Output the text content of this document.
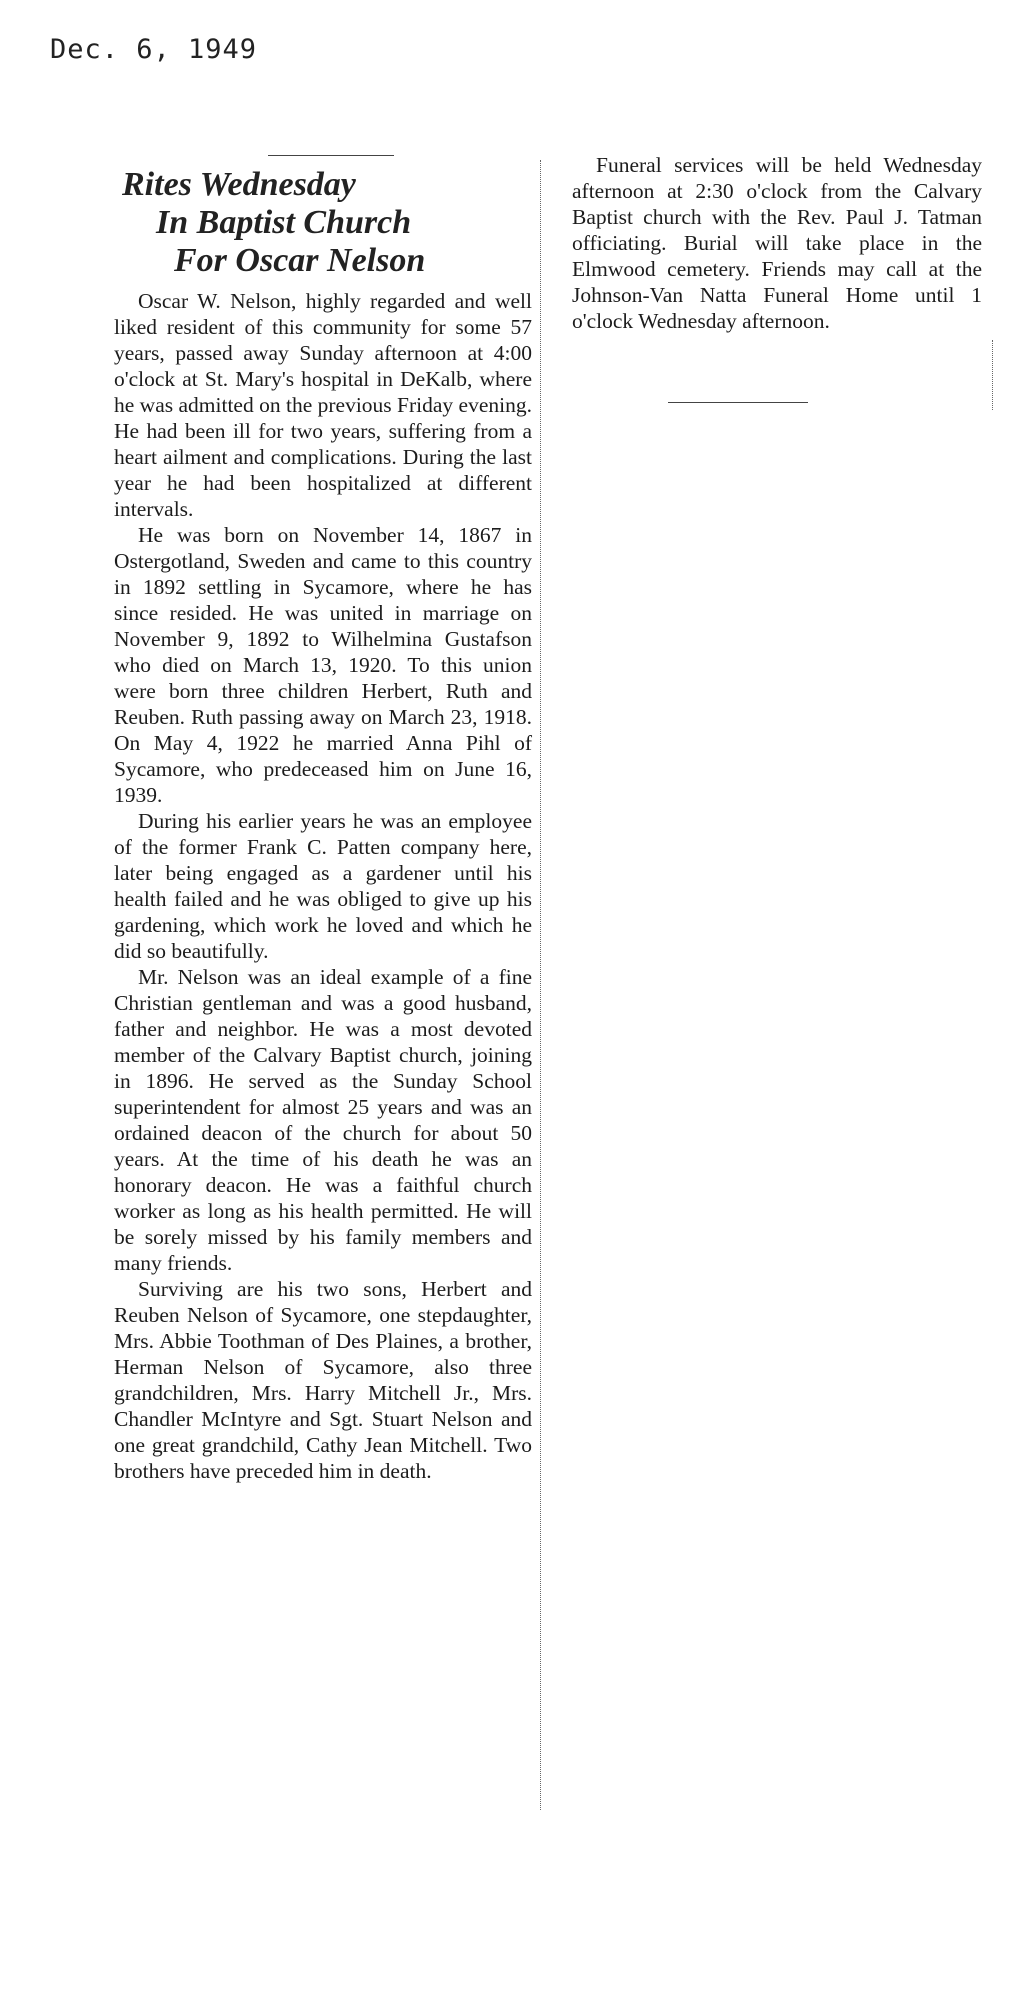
Dec. 6, 1949
Rites Wednesday
In Baptist Church
For Oscar Nelson

Oscar W. Nelson, highly regarded and well liked resident of this community for some 57 years, passed away Sunday afternoon at 4:00 o'clock at St. Mary's hospital in DeKalb, where he was admitted on the previous Friday evening. He had been ill for two years, suffering from a heart ailment and complications. During the last year he had been hospitalized at different intervals.

He was born on November 14, 1867 in Ostergotland, Sweden and came to this country in 1892 settling in Sycamore, where he has since resided. He was united in marriage on November 9, 1892 to Wilhelmina Gustafson who died on March 13, 1920. To this union were born three children Herbert, Ruth and Reuben. Ruth passing away on March 23, 1918. On May 4, 1922 he married Anna Pihl of Sycamore, who predeceased him on June 16, 1939.

During his earlier years he was an employee of the former Frank C. Patten company here, later being engaged as a gardener until his health failed and he was obliged to give up his gardening, which work he loved and which he did so beautifully.

Mr. Nelson was an ideal example of a fine Christian gentleman and was a good husband, father and neighbor. He was a most devoted member of the Calvary Baptist church, joining in 1896. He served as the Sunday School superintendent for almost 25 years and was an ordained deacon of the church for about 50 years. At the time of his death he was an honorary deacon. He was a faithful church worker as long as his health permitted. He will be sorely missed by his family members and many friends.

Surviving are his two sons, Herbert and Reuben Nelson of Sycamore, one stepdaughter, Mrs. Abbie Toothman of Des Plaines, a brother, Herman Nelson of Sycamore, also three grandchildren, Mrs. Harry Mitchell Jr., Mrs. Chandler McIntyre and Sgt. Stuart Nelson and one great grandchild, Cathy Jean Mitchell. Two brothers have preceded him in death.

Funeral services will be held Wednesday afternoon at 2:30 o'clock from the Calvary Baptist church with the Rev. Paul J. Tatman officiating. Burial will take place in the Elmwood cemetery. Friends may call at the Johnson-Van Natta Funeral Home until 1 o'clock Wednesday afternoon.
